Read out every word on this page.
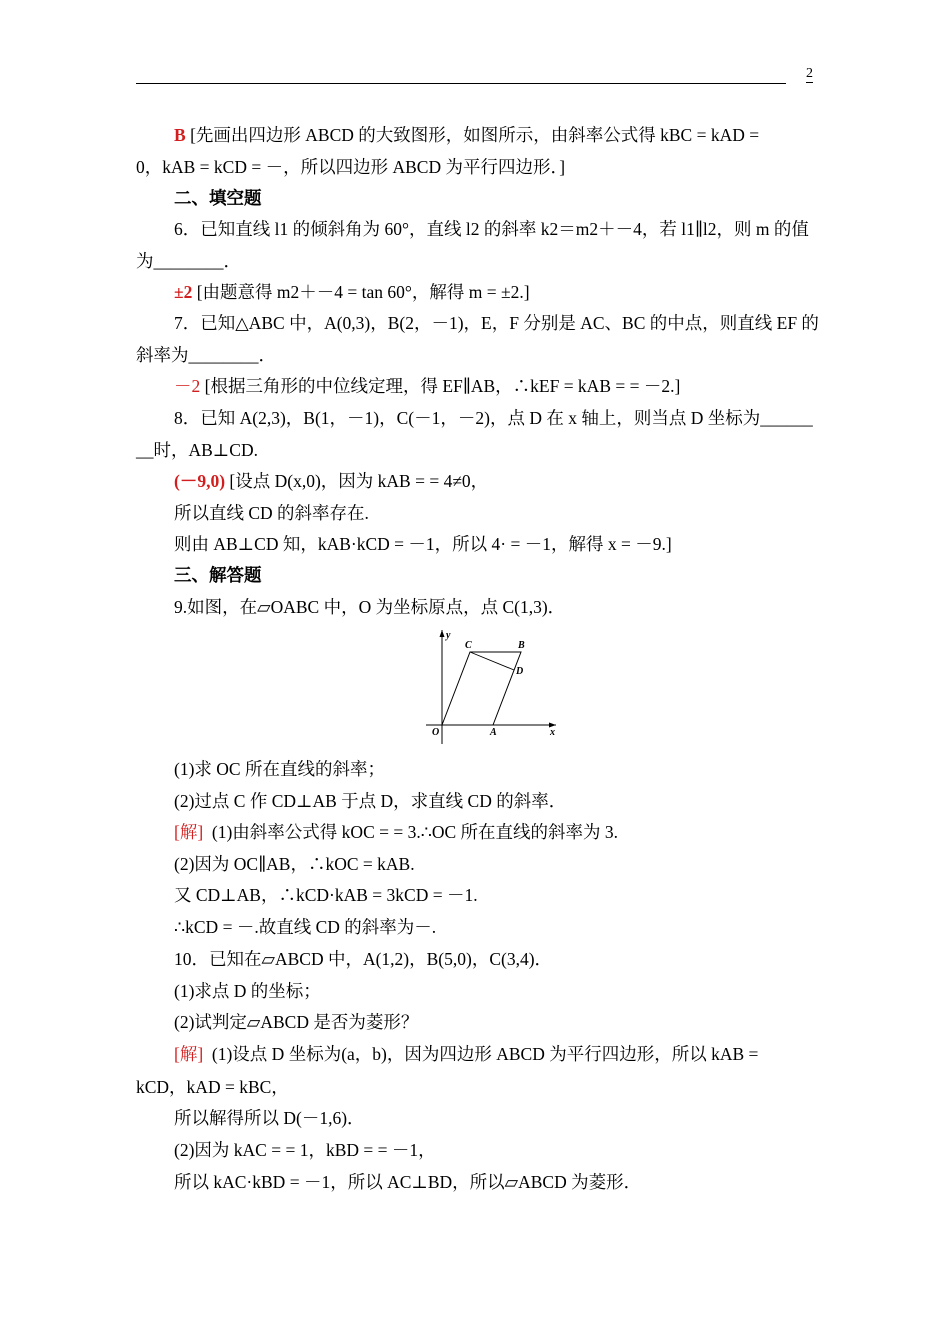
2
B [先画出四边形 ABCD 的大致图形，如图所示，由斜率公式得 kBC = kAD =
0，kAB = kCD = －，所以四边形 ABCD 为平行四边形．]
二、填空题
6．已知直线 l1 的倾斜角为 60°，直线 l2 的斜率 k2＝m2＋－4，若 l1∥l2，则 m 的值
为________．
±2 [由题意得 m2＋－4 = tan 60°，解得 m = ±2.]
7．已知△ABC 中，A(0,3)，B(2，－1)，E，F 分别是 AC、BC 的中点，则直线 EF 的
斜率为________．
－2 [根据三角形的中位线定理，得 EF∥AB，∴kEF = kAB = = －2.]
8．已知 A(2,3)，B(1，－1)，C(－1，－2)，点 D 在 x 轴上，则当点 D 坐标为______
__时，AB⊥CD.
(－9,0) [设点 D(x,0)，因为 kAB = = 4≠0，
所以直线 CD 的斜率存在.
则由 AB⊥CD 知，kAB·kCD = －1，所以 4· = －1，解得 x = －9.]
三、解答题
9.如图，在▱OABC 中，O 为坐标原点，点 C(1,3)．
y
C	B
D
O	A	x
(1)求 OC 所在直线的斜率；
(2)过点 C 作 CD⊥AB 于点 D，求直线 CD 的斜率．
[解] (1)由斜率公式得 kOC = = 3.∴OC 所在直线的斜率为 3.
(2)因为 OC∥AB，∴kOC = kAB.
又 CD⊥AB，∴kCD·kAB = 3kCD = －1.
∴kCD = －.故直线 CD 的斜率为－.
10．已知在▱ABCD 中，A(1,2)，B(5,0)，C(3,4)．
(1)求点 D 的坐标；
(2)试判定▱ABCD 是否为菱形？
[解] (1)设点 D 坐标为(a，b)，因为四边形 ABCD 为平行四边形，所以 kAB =
kCD，kAD = kBC，
所以解得所以 D(－1,6)．
(2)因为 kAC = = 1，kBD = = －1，
所以 kAC·kBD = －1，所以 AC⊥BD，所以▱ABCD 为菱形．
